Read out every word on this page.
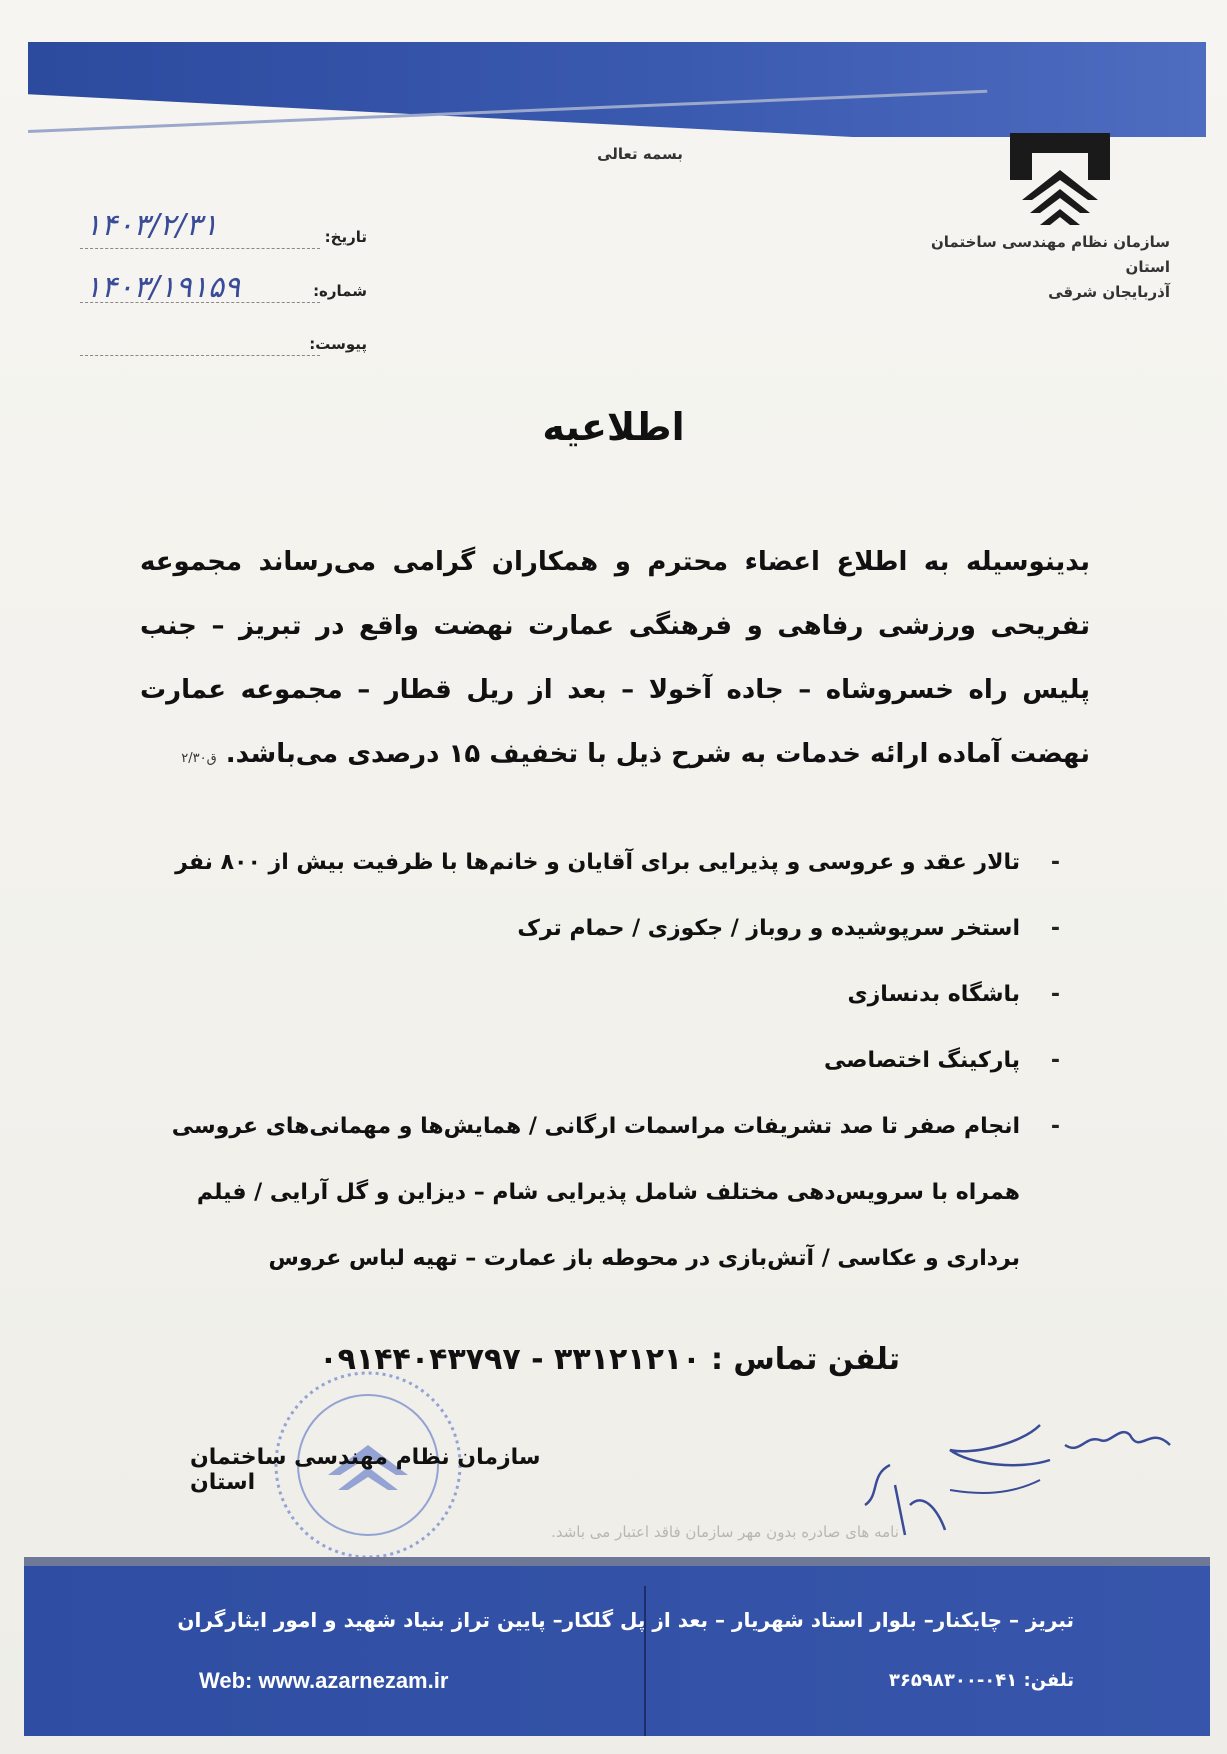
بسمه تعالی
سازمان نظام مهندسی ساختمان استان
آذربایجان شرقی
تاریخ:
۱۴۰۳/۲/۳۱
شماره:
۱۴۰۳/۱۹۱۵۹
پیوست:
اطلاعیه
بدینوسیله به اطلاع اعضاء محترم و همکاران گرامی می‌رساند مجموعه تفریحی ورزشی رفاهی و فرهنگی عمارت نهضت واقع در تبریز – جنب پلیس راه خسروشاه – جاده آخولا – بعد از ریل قطار – مجموعه عمارت نهضت آماده ارائه خدمات به شرح ذیل با تخفیف ۱۵ درصدی می‌باشد. ق۲/۳۰
- تالار عقد و عروسی و پذیرایی برای آقایان و خانم‌ها با ظرفیت بیش از ۸۰۰ نفر
- استخر سرپوشیده و روباز / جکوزی / حمام ترک
- باشگاه بدنسازی
- پارکینگ اختصاصی
- انجام صفر تا صد تشریفات مراسمات ارگانی / همایش‌ها و مهمانی‌های عروسی همراه با سرویس‌دهی مختلف شامل پذیرایی شام – دیزاین و گل آرایی / فیلم برداری و عکاسی / آتش‌بازی در محوطه باز عمارت – تهیه لباس عروس
تلفن تماس : ۳۳۱۲۱۲۱۰ - ۰۹۱۴۴۰۴۳۷۹۷
سازمان نظام مهندسی ساختمان استان
نامه های صادره بدون مهر سازمان فاقد اعتبار می باشد.
تبریز – چایکنار– بلوار استاد شهریار – بعد از پل گلکار– پایین تراز بنیاد شهید و امور ایثارگران
Web: www.azarnezam.ir	تلفن: ۰۴۱-۳۶۵۹۸۳۰۰
